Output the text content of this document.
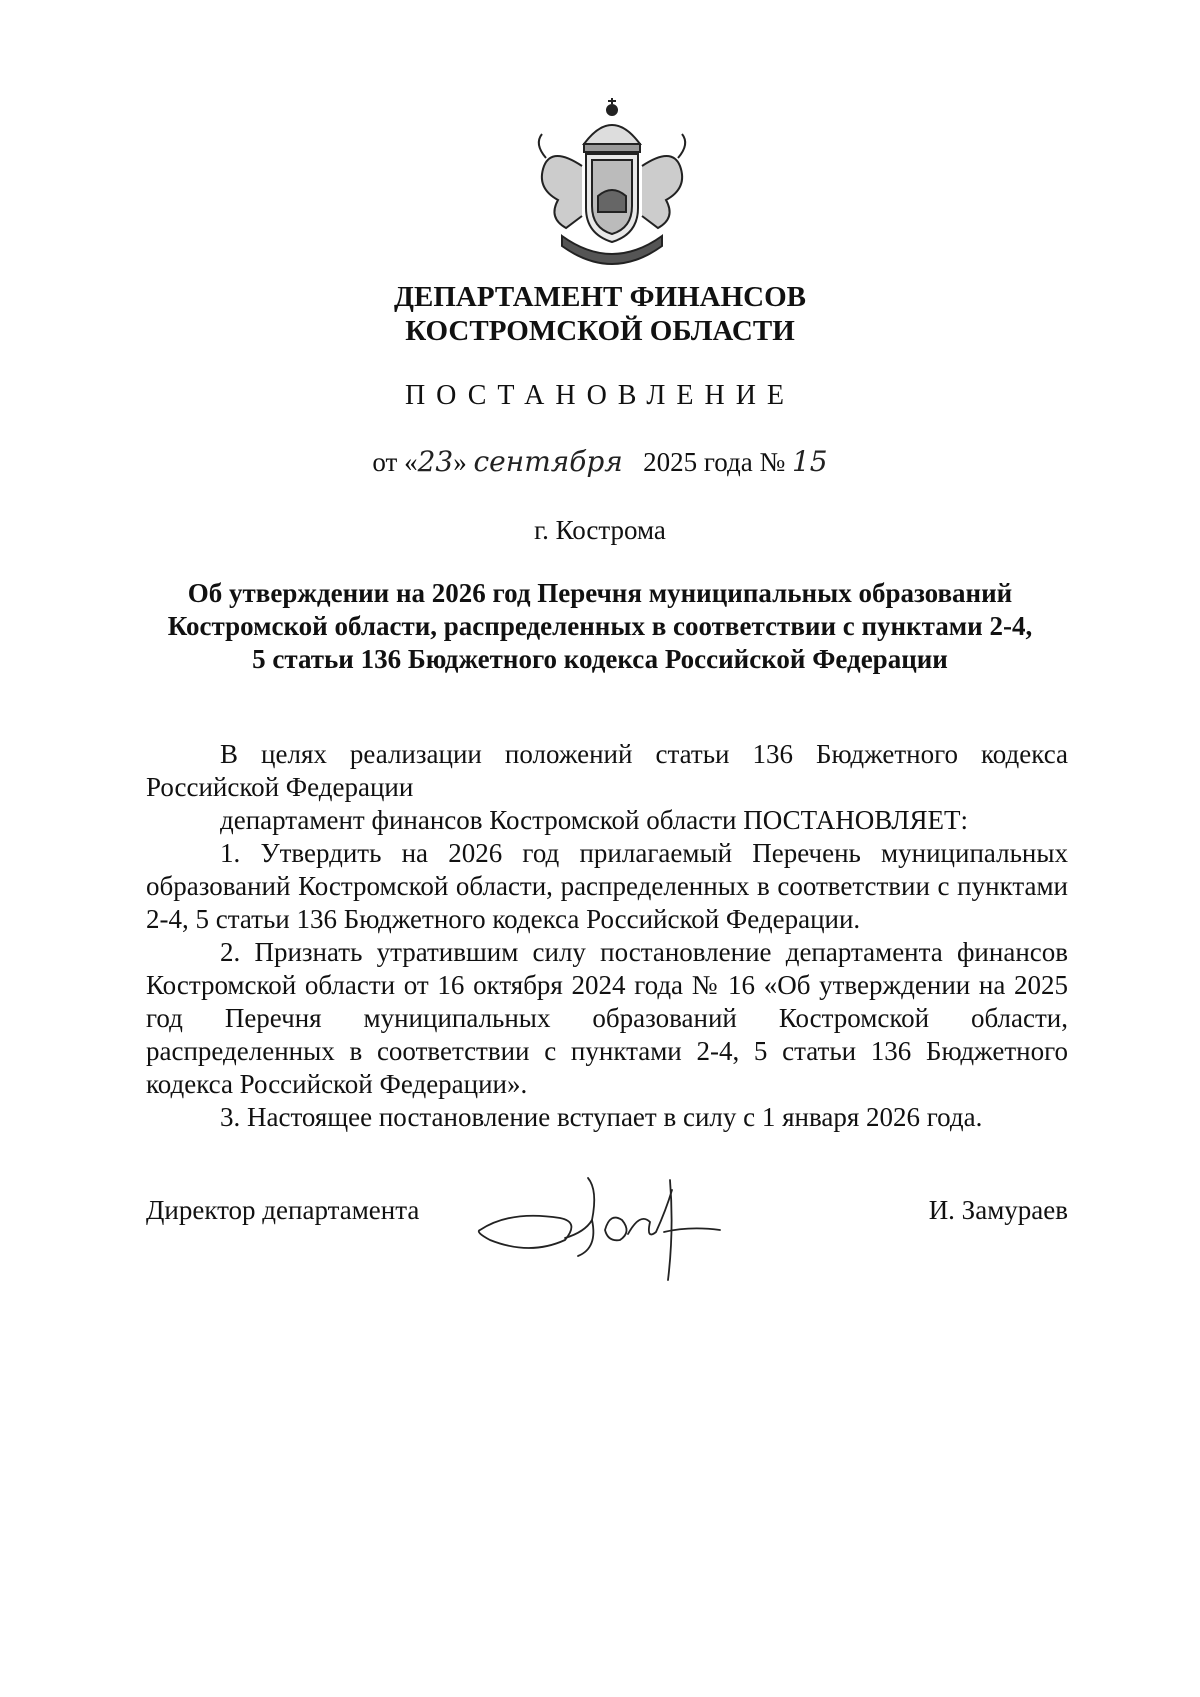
ДЕПАРТАМЕНТ ФИНАНСОВ
КОСТРОМСКОЙ ОБЛАСТИ
ПОСТАНОВЛЕНИЕ
от «23» сентября 2025 года № 15
г. Кострома
Об утверждении на 2026 год Перечня муниципальных образований
Костромской области, распределенных в соответствии с пунктами 2-4,
5 статьи 136 Бюджетного кодекса Российской Федерации

В целях реализации положений статьи 136 Бюджетного кодекса Российской Федерации

департамент финансов Костромской области ПОСТАНОВЛЯЕТ:

1. Утвердить на 2026 год прилагаемый Перечень муниципальных образований Костромской области, распределенных в соответствии с пунктами 2-4, 5 статьи 136 Бюджетного кодекса Российской Федерации.

2. Признать утратившим силу постановление департамента финансов Костромской области от 16 октября 2024 года № 16 «Об утверждении на 2025 год Перечня муниципальных образований Костромской области, распределенных в соответствии с пунктами 2-4, 5 статьи 136 Бюджетного кодекса Российской Федерации».

3. Настоящее постановление вступает в силу с 1 января 2026 года.

Директор департамента	И. Замураев
